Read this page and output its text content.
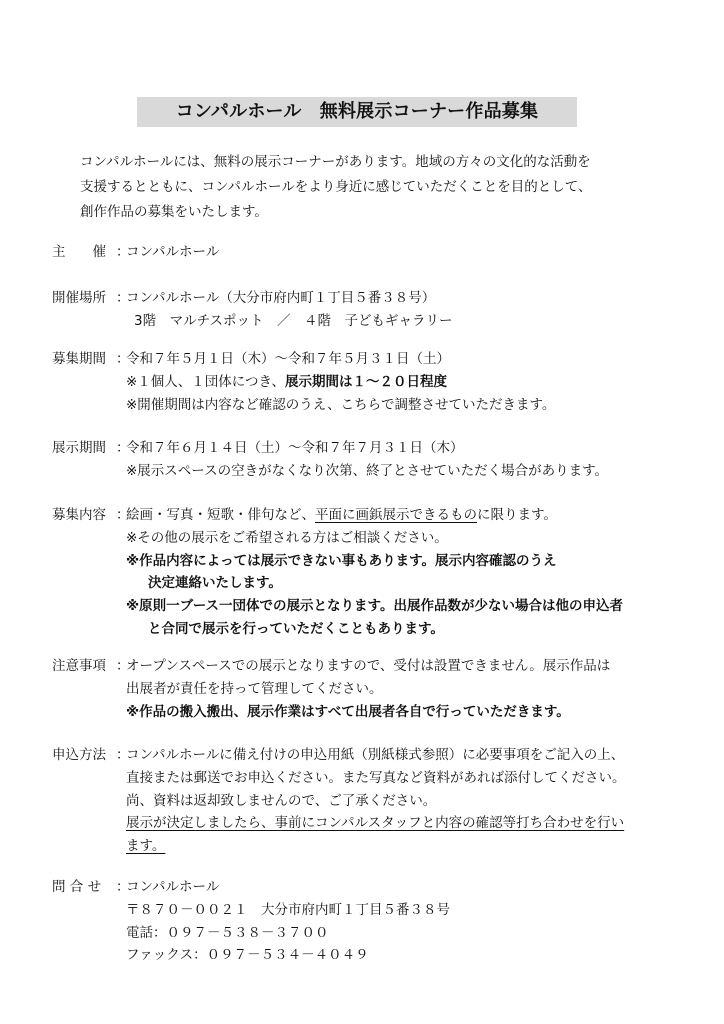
コンパルホール　無料展示コーナー作品募集
コンパルホールには、無料の展示コーナーがあります。地域の方々の文化的な活動を
支援するとともに、コンパルホールをより身近に感じていただくことを目的として、
創作作品の募集をいたします。
主　　催 ：
コンパルホール
開催場所 ：
コンパルホール（大分市府内町１丁目５番３８号）
3階　マルチスポット　／　４階　子どもギャラリー
募集期間 ：
令和７年５月１日（木）～令和７年５月３１日（土）
※１個人、１団体につき、展示期間は１～２０日程度
※開催期間は内容など確認のうえ、こちらで調整させていただきます。
展示期間 ：
令和７年６月１４日（土）～令和７年７月３１日（木）
※展示スペースの空きがなくなり次第、終了とさせていただく場合があります。
募集内容 ：
絵画・写真・短歌・俳句など、平面に画鋲展示できるものに限ります。
※その他の展示をご希望される方はご相談ください。
※作品内容によっては展示できない事もあります。展示内容確認のうえ
決定連絡いたします。
※原則一ブース一団体での展示となります。出展作品数が少ない場合は他の申込者
と合同で展示を行っていただくこともあります。
注意事項 ：
オープンスペースでの展示となりますので、受付は設置できません。展示作品は
出展者が責任を持って管理してください。
※作品の搬入搬出、展示作業はすべて出展者各自で行っていただきます。
申込方法 ：
コンパルホールに備え付けの申込用紙（別紙様式参照）に必要事項をご記入の上、
直接または郵送でお申込ください。また写真など資料があれば添付してください。
尚、資料は返却致しませんので、ご了承ください。
展示が決定しましたら、事前にコンパルスタッフと内容の確認等打ち合わせを行い
ます。
問 合 せ	：
コンパルホール
〒８７０－００２１　大分市府内町１丁目５番３８号
電話：０９７－５３８－３７００
ファックス：０９７－５３４－４０４９
